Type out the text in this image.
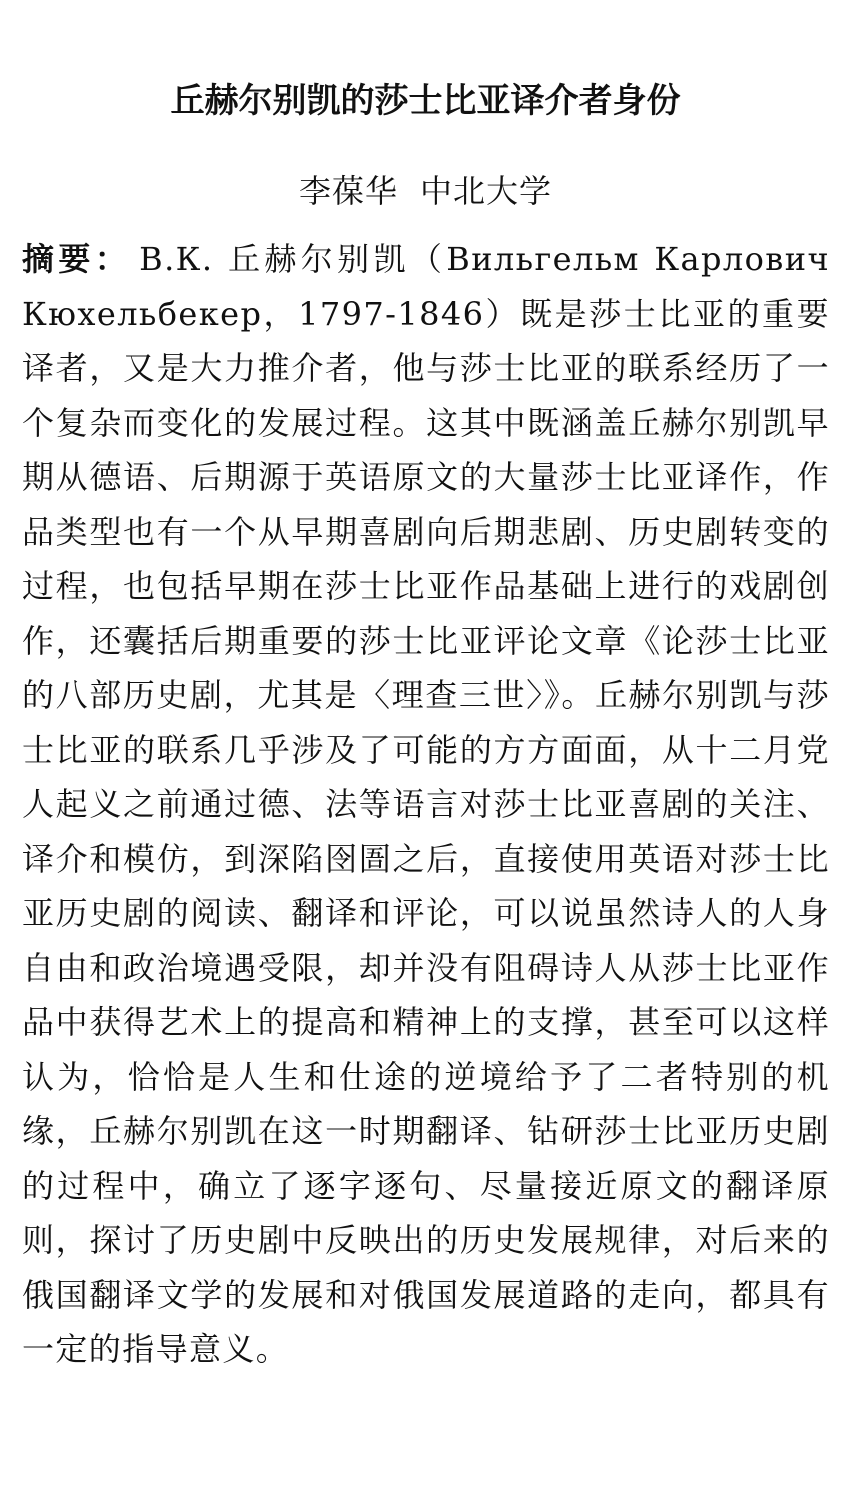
丘赫尔别凯的莎士比亚译介者身份
李葆华 中北大学
摘要： В.К. 丘赫尔别凯（Вильгельм Карлович Кюхельбекер，1797-1846）既是莎士比亚的重要译者，又是大力推介者，他与莎士比亚的联系经历了一个复杂而变化的发展过程。这其中既涵盖丘赫尔别凯早期从德语、后期源于英语原文的大量莎士比亚译作，作品类型也有一个从早期喜剧向后期悲剧、历史剧转变的过程，也包括早期在莎士比亚作品基础上进行的戏剧创作，还囊括后期重要的莎士比亚评论文章《论莎士比亚的八部历史剧，尤其是〈理查三世〉》。丘赫尔别凯与莎士比亚的联系几乎涉及了可能的方方面面，从十二月党人起义之前通过德、法等语言对莎士比亚喜剧的关注、译介和模仿，到深陷囹圄之后，直接使用英语对莎士比亚历史剧的阅读、翻译和评论，可以说虽然诗人的人身自由和政治境遇受限，却并没有阻碍诗人从莎士比亚作品中获得艺术上的提高和精神上的支撑，甚至可以这样认为，恰恰是人生和仕途的逆境给予了二者特别的机缘，丘赫尔别凯在这一时期翻译、钻研莎士比亚历史剧的过程中，确立了逐字逐句、尽量接近原文的翻译原则，探讨了历史剧中反映出的历史发展规律，对后来的俄国翻译文学的发展和对俄国发展道路的走向，都具有一定的指导意义。
